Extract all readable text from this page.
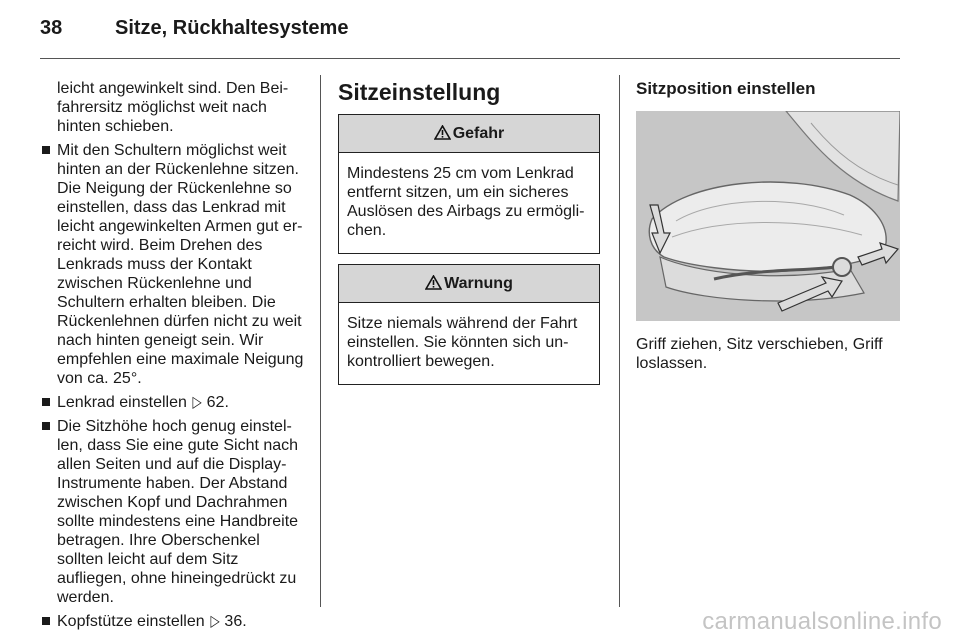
38	Sitze, Rückhaltesysteme

leicht angewinkelt sind. Den Beifahrersitz möglichst weit nach hinten schieben.

Mit den Schultern möglichst weit hinten an der Rückenlehne sitzen. Die Neigung der Rückenlehne so einstellen, dass das Lenkrad mit leicht angewinkelten Armen gut erreicht wird. Beim Drehen des Lenkrads muss der Kontakt zwischen Rückenlehne und Schultern erhalten bleiben. Die Rückenlehnen dürfen nicht zu weit nach hinten geneigt sein. Wir empfehlen eine maximale Neigung von ca. 25°.
Lenkrad einstellen ▷ 62.
Die Sitzhöhe hoch genug einstellen, dass Sie eine gute Sicht nach allen Seiten und auf die Display-Instrumente haben. Der Abstand zwischen Kopf und Dachrahmen sollte mindestens eine Handbreite betragen. Ihre Oberschenkel sollten leicht auf dem Sitz aufliegen, ohne hineingedrückt zu werden.
Kopfstütze einstellen ▷ 36.
Sitzeinstellung
Gefahr
Mindestens 25 cm vom Lenkrad entfernt sitzen, um ein sicheres Auslösen des Airbags zu ermöglichen.
Warnung
Sitze niemals während der Fahrt einstellen. Sie könnten sich unkontrolliert bewegen.
Sitzposition einstellen

Griff ziehen, Sitz verschieben, Griff loslassen.

carmanualsonline.info
